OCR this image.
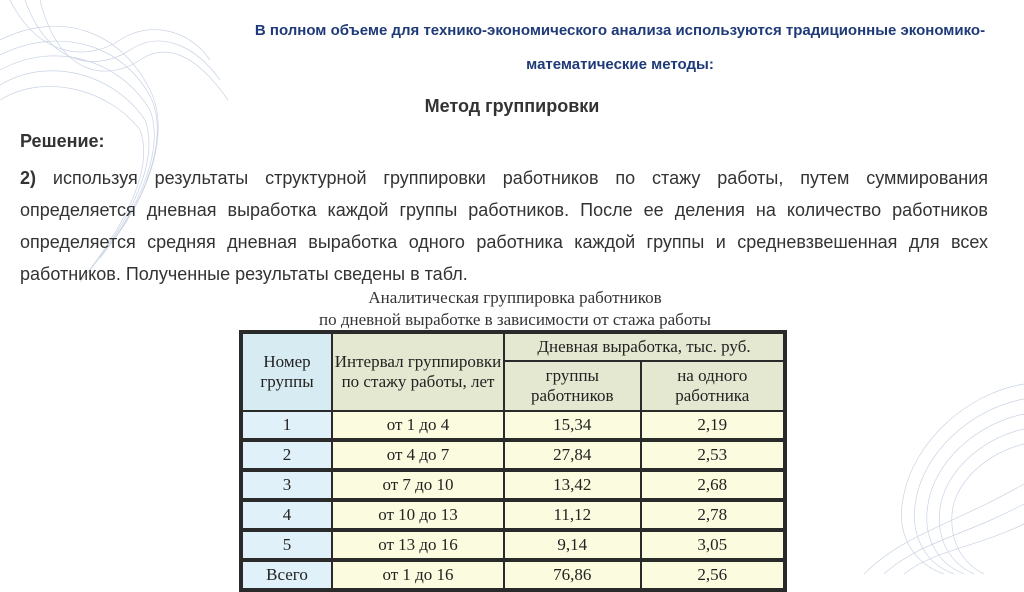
В полном объеме для технико-экономического анализа используются традиционные экономико-
математические методы:
Метод группировки
Решение:
2) используя результаты структурной группировки работников по стажу работы, путем суммирования определяется дневная выработка каждой группы работников. После ее деления на количество работников определяется средняя дневная выработка одного работника каждой группы и средневзвешенная для всех работников. Полученные результаты сведены в табл.
Аналитическая группировка работников
по дневной выработке в зависимости от стажа работы
Номер группы	Интервал группировки по стажу работы, лет	Дневная выработка, тыс. руб.	
		группы работников	на одного работника
1	от 1 до 4	15,34	2,19
2	от 4 до 7	27,84	2,53
3	от 7 до 10	13,42	2,68
4	от 10 до 13	11,12	2,78
5	от 13 до 16	9,14	3,05
Всего	от 1 до 16	76,86	2,56
